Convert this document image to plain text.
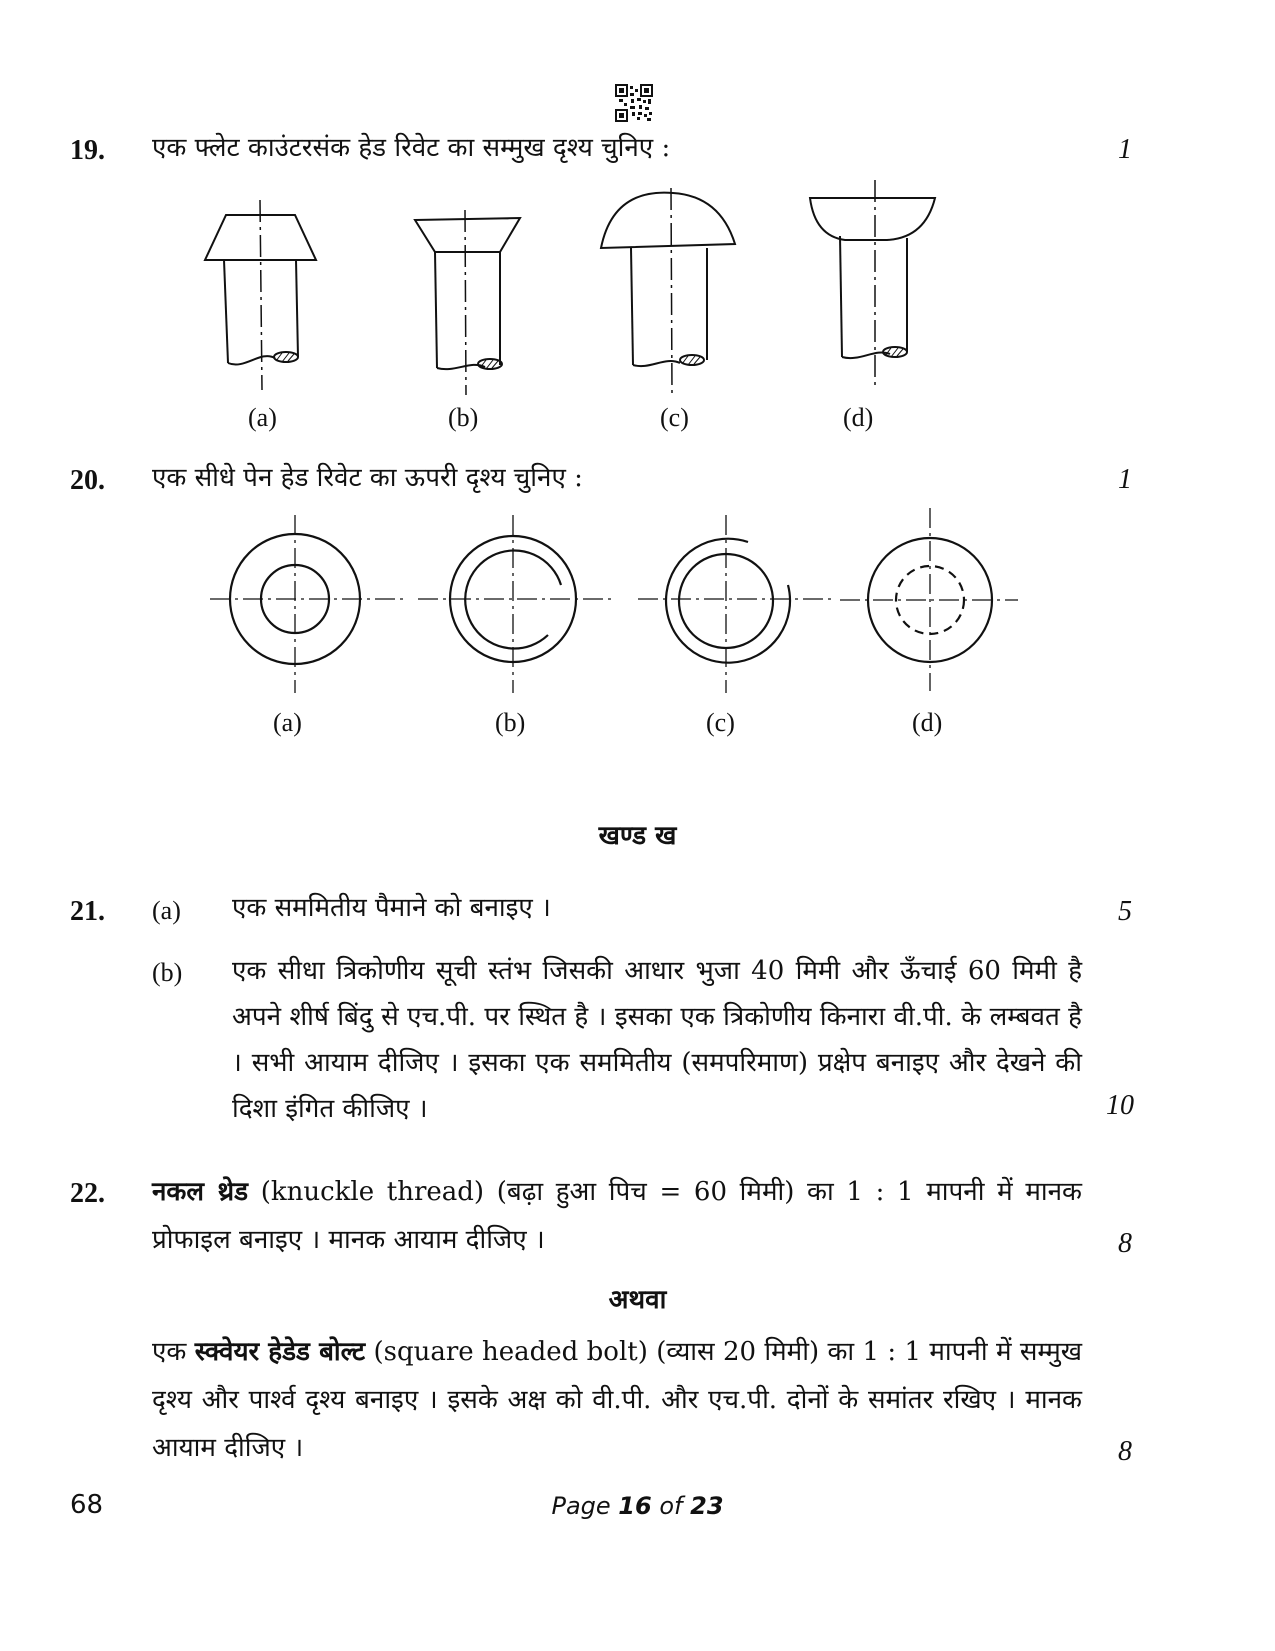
19. एक फ्लेट काउंटरसंक हेड रिवेट का सम्मुख दृश्य चुनिए :	1
(a)	(b)	(c)	(d)
20. एक सीधे पेन हेड रिवेट का ऊपरी दृश्य चुनिए :	1
(a)	(b)	(c)	(d)
खण्ड ख
21. (a) एक सममितीय पैमाने को बनाइए ।	5
(b) एक सीधा त्रिकोणीय सूची स्तंभ जिसकी आधार भुजा 40 मिमी और ऊँचाई 60 मिमी है अपने शीर्ष बिंदु से एच.पी. पर स्थित है । इसका एक त्रिकोणीय किनारा वी.पी. के लम्बवत है । सभी आयाम दीजिए । इसका एक सममितीय (समपरिमाण) प्रक्षेप बनाइए और देखने की दिशा इंगित कीजिए ।	10
22. नकल थ्रेड (knuckle thread) (बढ़ा हुआ पिच = 60 मिमी) का 1 : 1 मापनी में मानक प्रोफाइल बनाइए । मानक आयाम दीजिए ।	8
अथवा
एक स्क्वेयर हेडेड बोल्ट (square headed bolt) (व्यास 20 मिमी) का 1 : 1 मापनी में सम्मुख दृश्य और पार्श्व दृश्य बनाइए । इसके अक्ष को वी.पी. और एच.पी. दोनों के समांतर रखिए । मानक आयाम दीजिए ।	8
68	Page 16 of 23
